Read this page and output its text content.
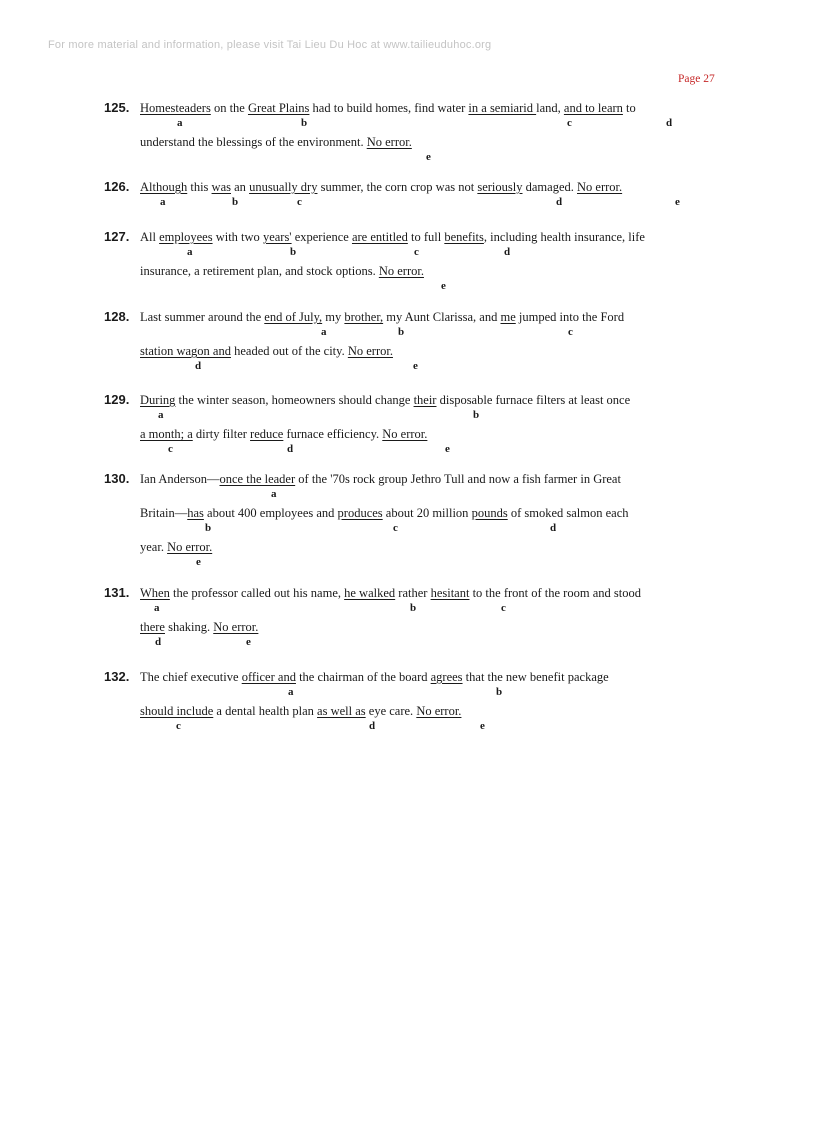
For more material and information, please visit Tai Lieu Du Hoc at www.tailieuduhoc.org
Page 27
125. Homesteaders on the Great Plains had to build homes, find water in a semiarid land, and to learn to
a	b	c	d
understand the blessings of the environment. No error.
e
126. Although this was an unusually dry summer, the corn crop was not seriously damaged. No error.
a	b	c	d	e
127. All employees with two years' experience are entitled to full benefits, including health insurance, life
a	b	c	d
insurance, a retirement plan, and stock options. No error.
e
128. Last summer around the end of July, my brother, my Aunt Clarissa, and me jumped into the Ford
a	b	c
station wagon and headed out of the city. No error.
d	e
129. During the winter season, homeowners should change their disposable furnace filters at least once
a	b
a month; a dirty filter reduce furnace efficiency. No error.
c	d	e
130. Ian Anderson—once the leader of the '70s rock group Jethro Tull and now a fish farmer in Great
a
Britain—has about 400 employees and produces about 20 million pounds of smoked salmon each
b	c	d
year. No error.
e
131. When the professor called out his name, he walked rather hesitant to the front of the room and stood
a	b	c
there shaking. No error.
d	e
132. The chief executive officer and the chairman of the board agrees that the new benefit package
a	b
should include a dental health plan as well as eye care. No error.
c	d	e
